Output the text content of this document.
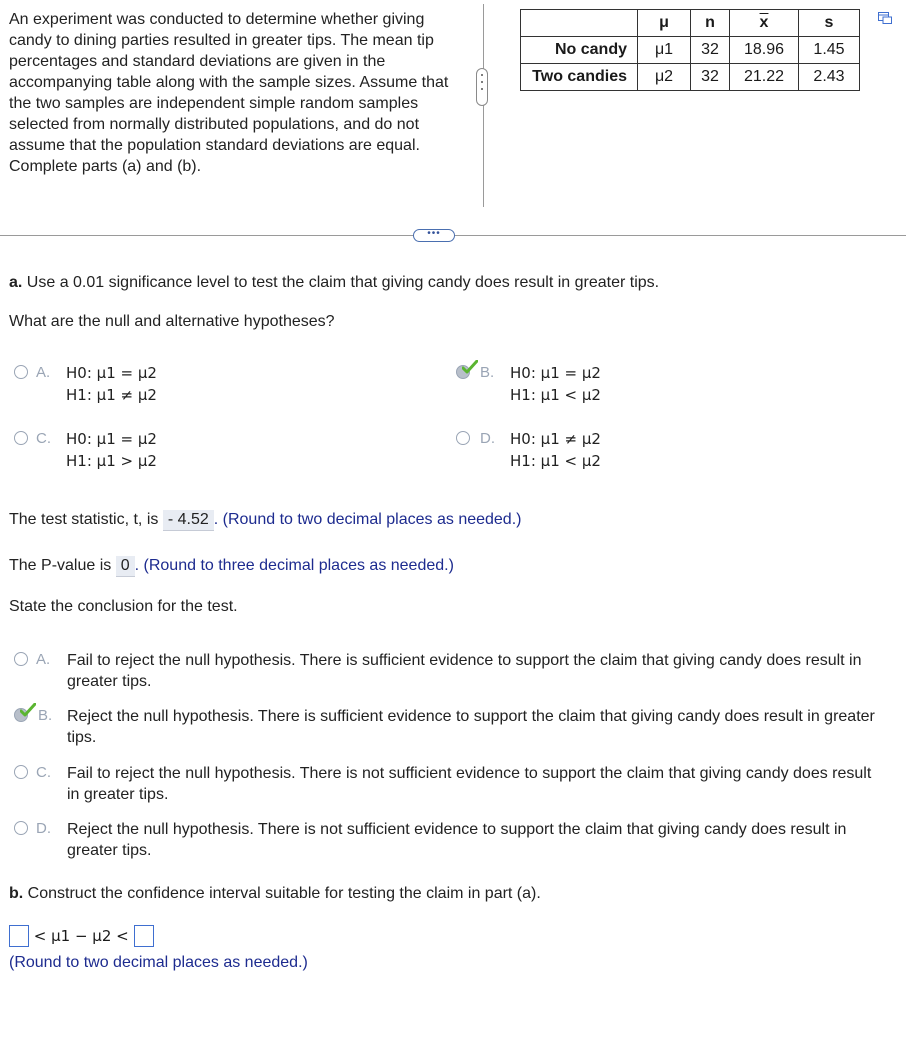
An experiment was conducted to determine whether giving candy to dining parties resulted in greater tips. The mean tip percentages and standard deviations are given in the accompanying table along with the sample sizes. Assume that the two samples are independent simple random samples selected from normally distributed populations, and do not assume that the population standard deviations are equal. Complete parts (a) and (b).
	μ	n	$\overline{x}$	s
No candy	μ1	32	18.96	1.45
Two candies	μ2	32	21.22	2.43
•••
a. Use a 0.01 significance level to test the claim that giving candy does result in greater tips.
What are the null and alternative hypotheses?
A. H0: μ1 = μ2
H1: μ1 ≠ μ2
B. H0: μ1 = μ2
H1: μ1 < μ2
C. H0: μ1 = μ2
H1: μ1 > μ2
D. H0: μ1 ≠ μ2
H1: μ1 < μ2
The test statistic, t, is - 4.52 . (Round to two decimal places as needed.)
The P-value is 0 . (Round to three decimal places as needed.)
State the conclusion for the test.
A. Fail to reject the null hypothesis. There is sufficient evidence to support the claim that giving candy does result in greater tips.
B. Reject the null hypothesis. There is sufficient evidence to support the claim that giving candy does result in greater tips.
C. Fail to reject the null hypothesis. There is not sufficient evidence to support the claim that giving candy does result in greater tips.
D. Reject the null hypothesis. There is not sufficient evidence to support the claim that giving candy does result in greater tips.
b. Construct the confidence interval suitable for testing the claim in part (a).
< μ1 − μ2 <
(Round to two decimal places as needed.)
